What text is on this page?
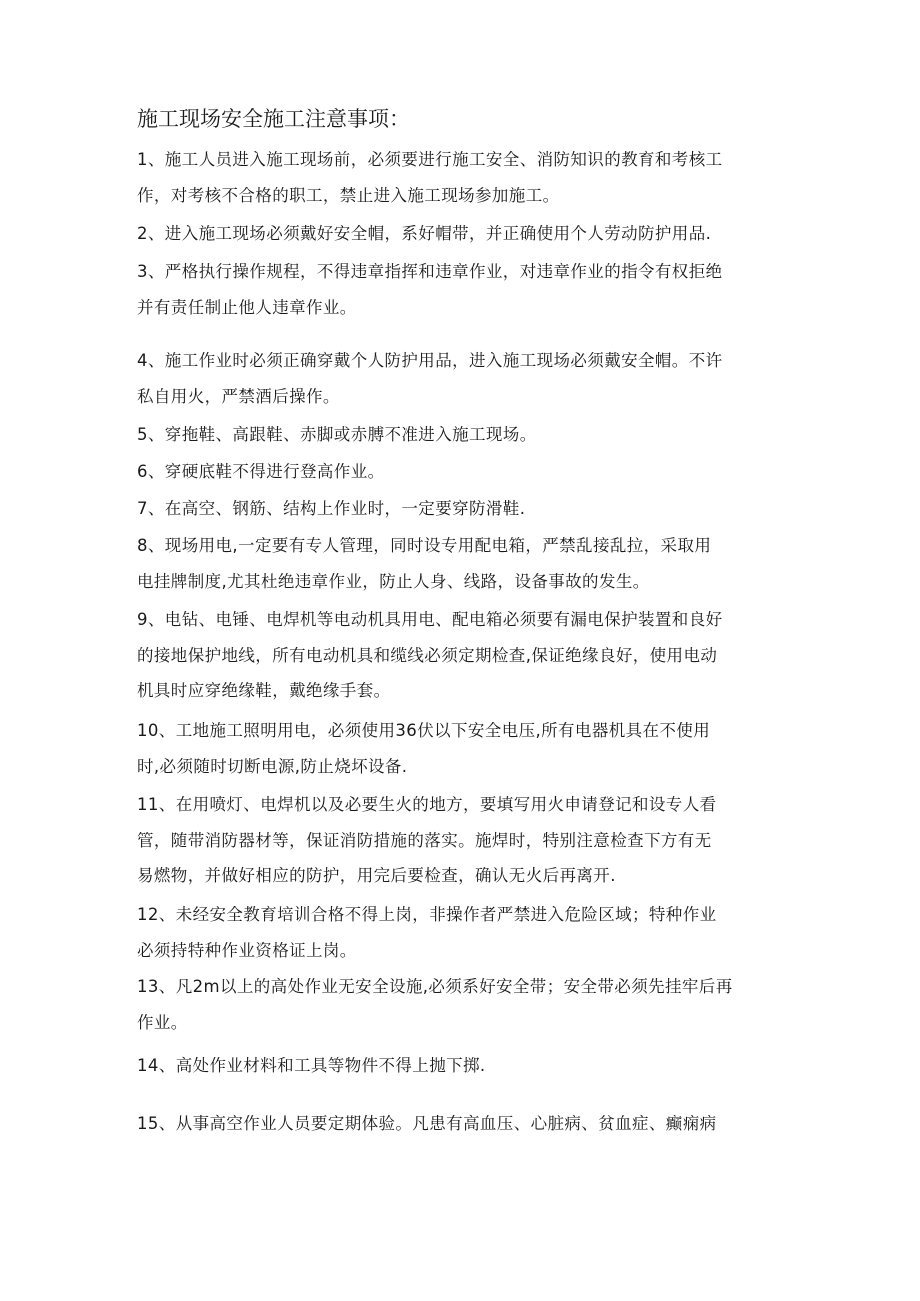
施工现场安全施工注意事项：
1、施工人员进入施工现场前，必须要进行施工安全、消防知识的教育和考核工
作，对考核不合格的职工，禁止进入施工现场参加施工。
2、进入施工现场必须戴好安全帽，系好帽带，并正确使用个人劳动防护用品.
3、严格执行操作规程，不得违章指挥和违章作业，对违章作业的指令有权拒绝
并有责任制止他人违章作业。
4、施工作业时必须正确穿戴个人防护用品，进入施工现场必须戴安全帽。不许
私自用火，严禁酒后操作。
5、穿拖鞋、高跟鞋、赤脚或赤膊不准进入施工现场。
6、穿硬底鞋不得进行登高作业。
7、在高空、钢筋、结构上作业时，一定要穿防滑鞋.
8、现场用电,一定要有专人管理，同时设专用配电箱，严禁乱接乱拉，采取用
电挂牌制度,尤其杜绝违章作业，防止人身、线路，设备事故的发生。
9、电钻、电锤、电焊机等电动机具用电、配电箱必须要有漏电保护装置和良好
的接地保护地线，所有电动机具和缆线必须定期检查,保证绝缘良好，使用电动
机具时应穿绝缘鞋，戴绝缘手套。
10、工地施工照明用电，必须使用36伏以下安全电压,所有电器机具在不使用
时,必须随时切断电源,防止烧坏设备.
11、在用喷灯、电焊机以及必要生火的地方，要填写用火申请登记和设专人看
管，随带消防器材等，保证消防措施的落实。施焊时，特别注意检查下方有无
易燃物，并做好相应的防护，用完后要检查，确认无火后再离开.
12、未经安全教育培训合格不得上岗，非操作者严禁进入危险区域；特种作业
必须持特种作业资格证上岗。
13、凡2m以上的高处作业无安全设施,必须系好安全带；安全带必须先挂牢后再
作业。
14、高处作业材料和工具等物件不得上抛下掷.
15、从事高空作业人员要定期体验。凡患有高血压、心脏病、贫血症、癫痫病
